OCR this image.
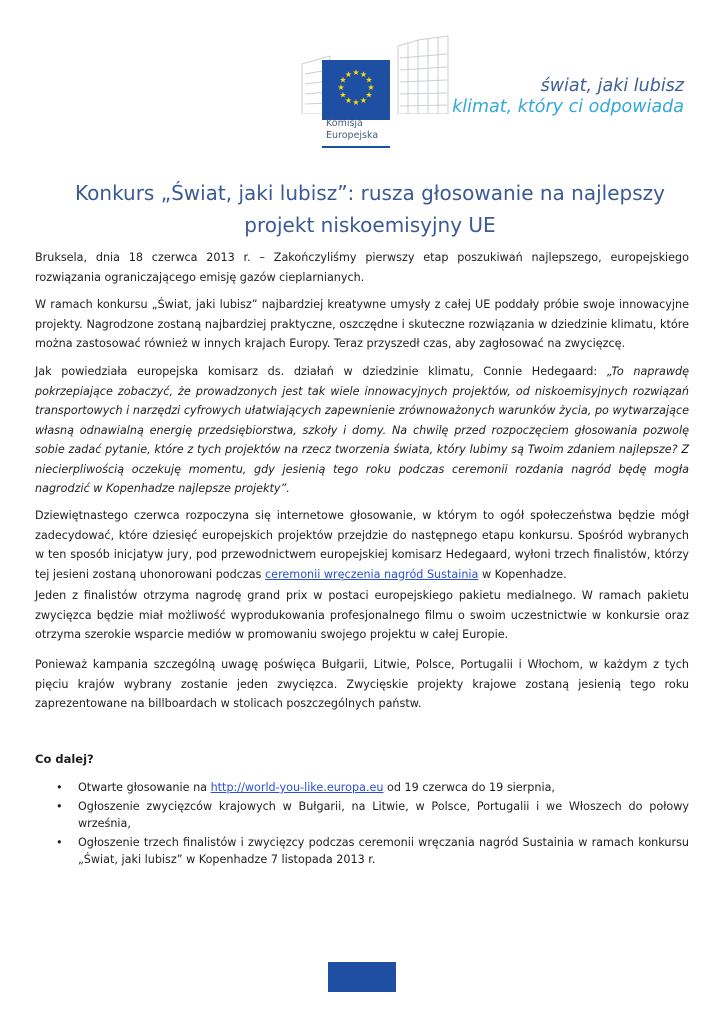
★ ★
★
★
★
★
★
★
★
★
★
★
Komisja
Europejska
świat, jaki lubisz
klimat, który ci odpowiada
Konkurs „Świat, jaki lubisz”: rusza głosowanie na najlepszy projekt niskoemisyjny UE
Bruksela, dnia 18 czerwca 2013 r. – Zakończyliśmy pierwszy etap poszukiwań najlepszego, europejskiego rozwiązania ograniczającego emisję gazów cieplarnianych.
W ramach konkursu „Świat, jaki lubisz” najbardziej kreatywne umysły z całej UE poddały próbie swoje innowacyjne projekty. Nagrodzone zostaną najbardziej praktyczne, oszczędne i skuteczne rozwiązania w dziedzinie klimatu, które można zastosować również w innych krajach Europy. Teraz przyszedł czas, aby zagłosować na zwycięzcę.
Jak powiedziała europejska komisarz ds. działań w dziedzinie klimatu, Connie Hedegaard: „To naprawdę pokrzepiające zobaczyć, że prowadzonych jest tak wiele innowacyjnych projektów, od niskoemisyjnych rozwiązań transportowych i narzędzi cyfrowych ułatwiających zapewnienie zrównoważonych warunków życia, po wytwarzające własną odnawialną energię przedsiębiorstwa, szkoły i domy. Na chwilę przed rozpoczęciem głosowania pozwolę sobie zadać pytanie, które z tych projektów na rzecz tworzenia świata, który lubimy są Twoim zdaniem najlepsze? Z niecierpliwością oczekuję momentu, gdy jesienią tego roku podczas ceremonii rozdania nagród będę mogła nagrodzić w Kopenhadze najlepsze projekty”.
Dziewiętnastego czerwca rozpoczyna się internetowe głosowanie, w którym to ogół społeczeństwa będzie mógł zadecydować, które dziesięć europejskich projektów przejdzie do następnego etapu konkursu. Spośród wybranych w ten sposób inicjatyw jury, pod przewodnictwem europejskiej komisarz Hedegaard, wyłoni trzech finalistów, którzy tej jesieni zostaną uhonorowani podczas ceremonii wręczenia nagród Sustainia w Kopenhadze.
Jeden z finalistów otrzyma nagrodę grand prix w postaci europejskiego pakietu medialnego. W ramach pakietu zwycięzca będzie miał możliwość wyprodukowania profesjonalnego filmu o swoim uczestnictwie w konkursie oraz otrzyma szerokie wsparcie mediów w promowaniu swojego projektu w całej Europie.
Ponieważ kampania szczególną uwagę poświęca Bułgarii, Litwie, Polsce, Portugalii i Włochom, w każdym z tych pięciu krajów wybrany zostanie jeden zwycięzca. Zwycięskie projekty krajowe zostaną jesienią tego roku zaprezentowane na billboardach w stolicach poszczególnych państw.
Co dalej?
• Otwarte głosowanie na http://world-you-like.europa.eu od 19 czerwca do 19 sierpnia,
• Ogłoszenie zwycięzców krajowych w Bułgarii, na Litwie, w Polsce, Portugalii i we Włoszech do połowy września,
• Ogłoszenie trzech finalistów i zwycięzcy podczas ceremonii wręczania nagród Sustainia w ramach konkursu „Świat, jaki lubisz” w Kopenhadze 7 listopada 2013 r.
